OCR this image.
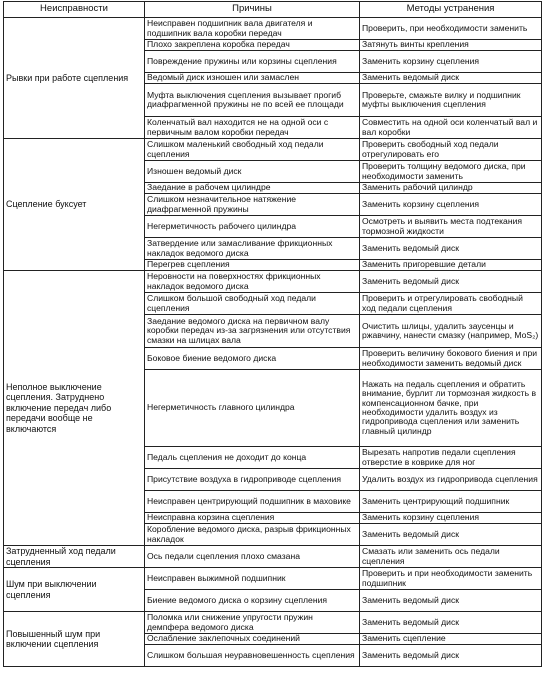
Неисправности	Причины	Методы устранения
Рывки при работе сцепления	Неисправен подшипник вала двигателя и подшипник вала коробки передач	Проверить, при необходимости заменить
	Плохо закреплена коробка передач	Затянуть винты крепления
	Повреждение пружины или корзины сцепления	Заменить корзину сцепления
	Ведомый диск изношен или замаслен	Заменить ведомый диск
	Муфта выключения сцепления вызывает прогиб диафрагменной пружины не по всей ее площади	Проверьте, смажьте вилку и подшипник муфты выключения сцепления
	Коленчатый вал находится не на одной оси с первичным валом коробки передач	Совместить на одной оси коленчатый вал и вал коробки
Сцепление буксует	Слишком маленький свободный ход педали сцепления	Проверить свободный ход педали отрегулировать его
	Изношен ведомый диск	Проверить толщину ведомого диска, при необходимости заменить
	Заедание в рабочем цилиндре	Заменить рабочий цилиндр
	Слишком незначительное натяжение диафрагменной пружины	Заменить корзину сцепления
	Негерметичность рабочего цилиндра	Осмотреть и выявить места подтекания тормозной жидкости
	Затвердение или замасливание фрикционных накладок ведомого диска	Заменить ведомый диск
	Перегрев сцепления	Заменить пригоревшие детали
Неполное выключение сцепления. Затруднено включение передач либо передачи вообще не включаются	Неровности на поверхностях фрикционных накладок ведомого диска	Заменить ведомый диск
	Слишком большой свободный ход педали сцепления	Проверить и отрегулировать свободный ход педали сцепления
	Заедание ведомого диска на первичном валу коробки передач из-за загрязнения или отсутствия смазки на шлицах вала	Очистить шлицы, удалить заусенцы и ржавчину, нанести смазку (например, MoS₂)
	Боковое биение ведомого диска	Проверить величину бокового биения и при необходимости заменить ведомый диск
	Негерметичность главного цилиндра	Нажать на педаль сцепления и обратить внимание, бурлит ли тормозная жидкость в компенсационном бачке, при необходимости удалить воздух из гидропривода сцепления или заменить главный цилиндр
	Педаль сцепления не доходит до конца	Вырезать напротив педали сцепления отверстие в коврике для ног
	Присутствие воздуха в гидроприводе сцепления	Удалить воздух из гидропривода сцепления
	Неисправен центрирующий подшипник в маховике	Заменить центрирующий подшипник
	Неисправна корзина сцепления	Заменить корзину сцепления
	Коробление ведомого диска, разрыв фрикционных накладок	Заменить ведомый диск
Затрудненный ход педали сцепления	Ось педали сцепления плохо смазана	Смазать или заменить ось педали сцепления
Шум при выключении сцепления	Неисправен выжимной подшипник	Проверить и при необходимости заменить подшипник
	Биение ведомого диска о корзину сцепления	Заменить ведомый диск
Повышенный шум при включении сцепления	Поломка или снижение упругости пружин демпфера ведомого диска	Заменить ведомый диск
	Ослабление заклепочных соединений	Заменить сцепление
	Слишком большая неуравновешенность сцепления	Заменить ведомый диск
